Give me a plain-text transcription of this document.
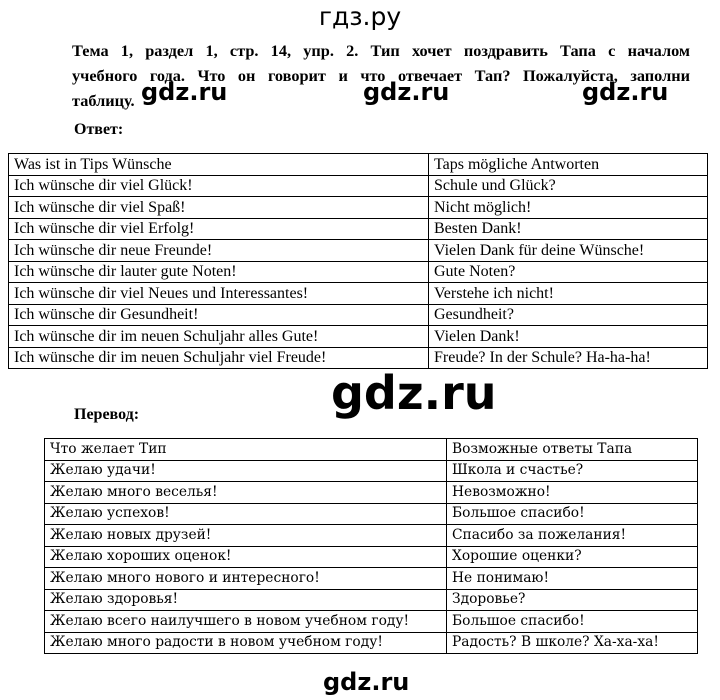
гдз.ру
Тема 1, раздел 1, стр. 14, упр. 2. Тип хочет поздравить Тапа с началом
учебного года. Что он говорит и что отвечает Тап? Пожалуйста, заполни
таблицу. gdz.ru	gdz.ru	gdz.ru
Ответ:
Was ist in Tips Wünsche	Taps mögliche Antworten
Ich wünsche dir viel Glück!	Schule und Glück?
Ich wünsche dir viel Spaß!	Nicht möglich!
Ich wünsche dir viel Erfolg!	Besten Dank!
Ich wünsche dir neue Freunde!	Vielen Dank für deine Wünsche!
Ich wünsche dir lauter gute Noten!	Gute Noten?
Ich wünsche dir viel Neues und Interessantes!	Verstehe ich nicht!
Ich wünsche dir Gesundheit!	Gesundheit?
Ich wünsche dir im neuen Schuljahr alles Gute!	Vielen Dank!
Ich wünsche dir im neuen Schuljahr viel Freude!	Freude? In der Schule? Ha-ha-ha!
gdz.ru
Перевод:
Что желает Тип	Возможные ответы Тапа
Желаю удачи!	Школа и счастье?
Желаю много веселья!	Невозможно!
Желаю успехов!	Большое спасибо!
Желаю новых друзей!	Спасибо за пожелания!
Желаю хороших оценок!	Хорошие оценки?
Желаю много нового и интересного!	Не понимаю!
Желаю здоровья!	Здоровье?
Желаю всего наилучшего в новом учебном году!	Большое спасибо!
Желаю много радости в новом учебном году!	Радость? В школе? Ха-ха-ха!
gdz.ru
